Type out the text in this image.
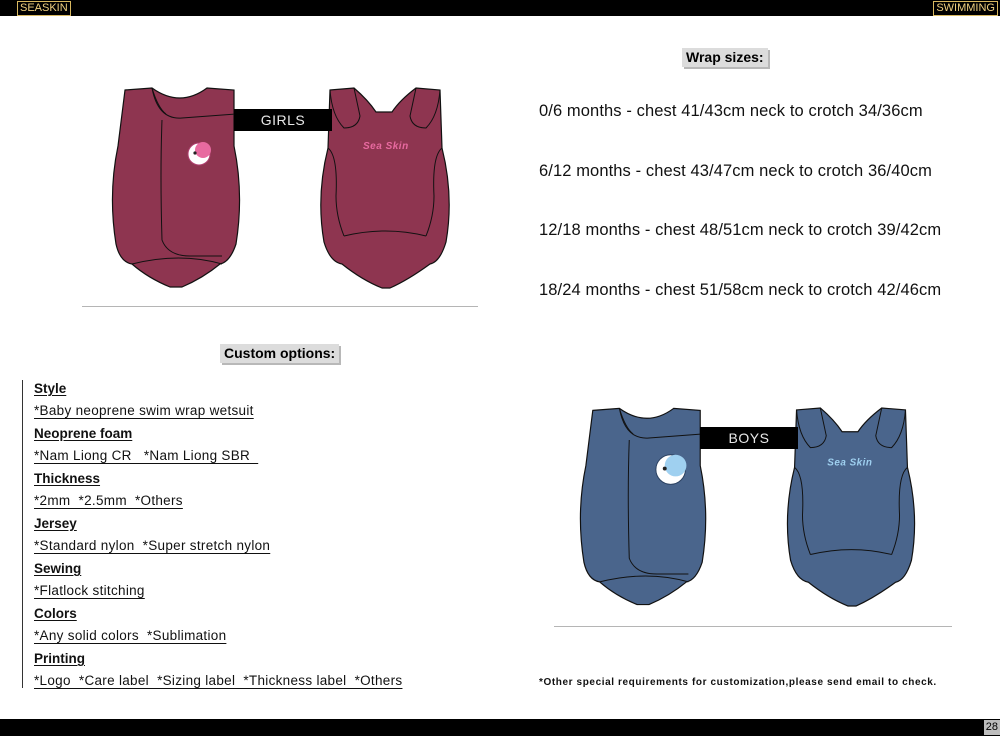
SEASKIN	SWIMMING
28
Sea Skin
GIRLS
Wrap sizes:
0/6 months - chest 41/43cm neck to crotch 34/36cm
6/12 months - chest 43/47cm neck to crotch 36/40cm
12/18 months - chest 48/51cm neck to crotch 39/42cm
18/24 months - chest 51/58cm neck to crotch 42/46cm
Custom options:
Style
*Baby neoprene swim wrap wetsuit
Neoprene foam
*Nam Liong CR   *Nam Liong SBR
Thickness
*2mm  *2.5mm  *Others
Jersey
*Standard nylon  *Super stretch nylon
Sewing
*Flatlock stitching
Colors
*Any solid colors  *Sublimation
Printing
*Logo  *Care label  *Sizing label  *Thickness label  *Others
Sea Skin
BOYS
*Other special requirements for customization,please send email to check.
